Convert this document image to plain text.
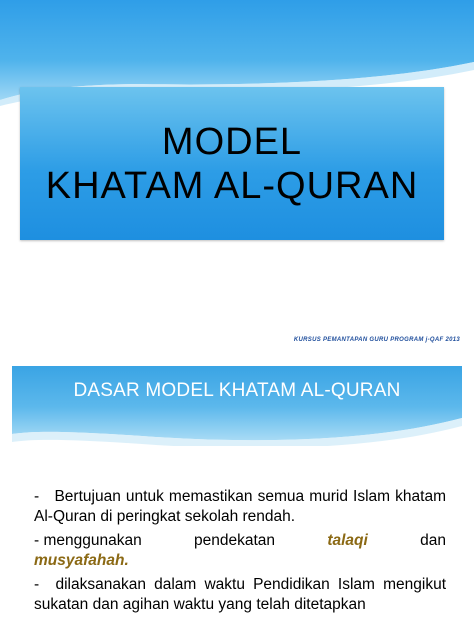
MODEL
KHATAM AL-QURAN
KURSUS PEMANTAPAN GURU PROGRAM j-QAF 2013
DASAR MODEL KHATAM AL-QURAN

- Bertujuan untuk memastikan semua murid Islam khatam Al-Quran di peringkat sekolah rendah.

- menggunakan	pendekatan	talaqi	dan

musyafahah.

- dilaksanakan dalam waktu Pendidikan Islam mengikut sukatan dan agihan waktu yang telah ditetapkan
